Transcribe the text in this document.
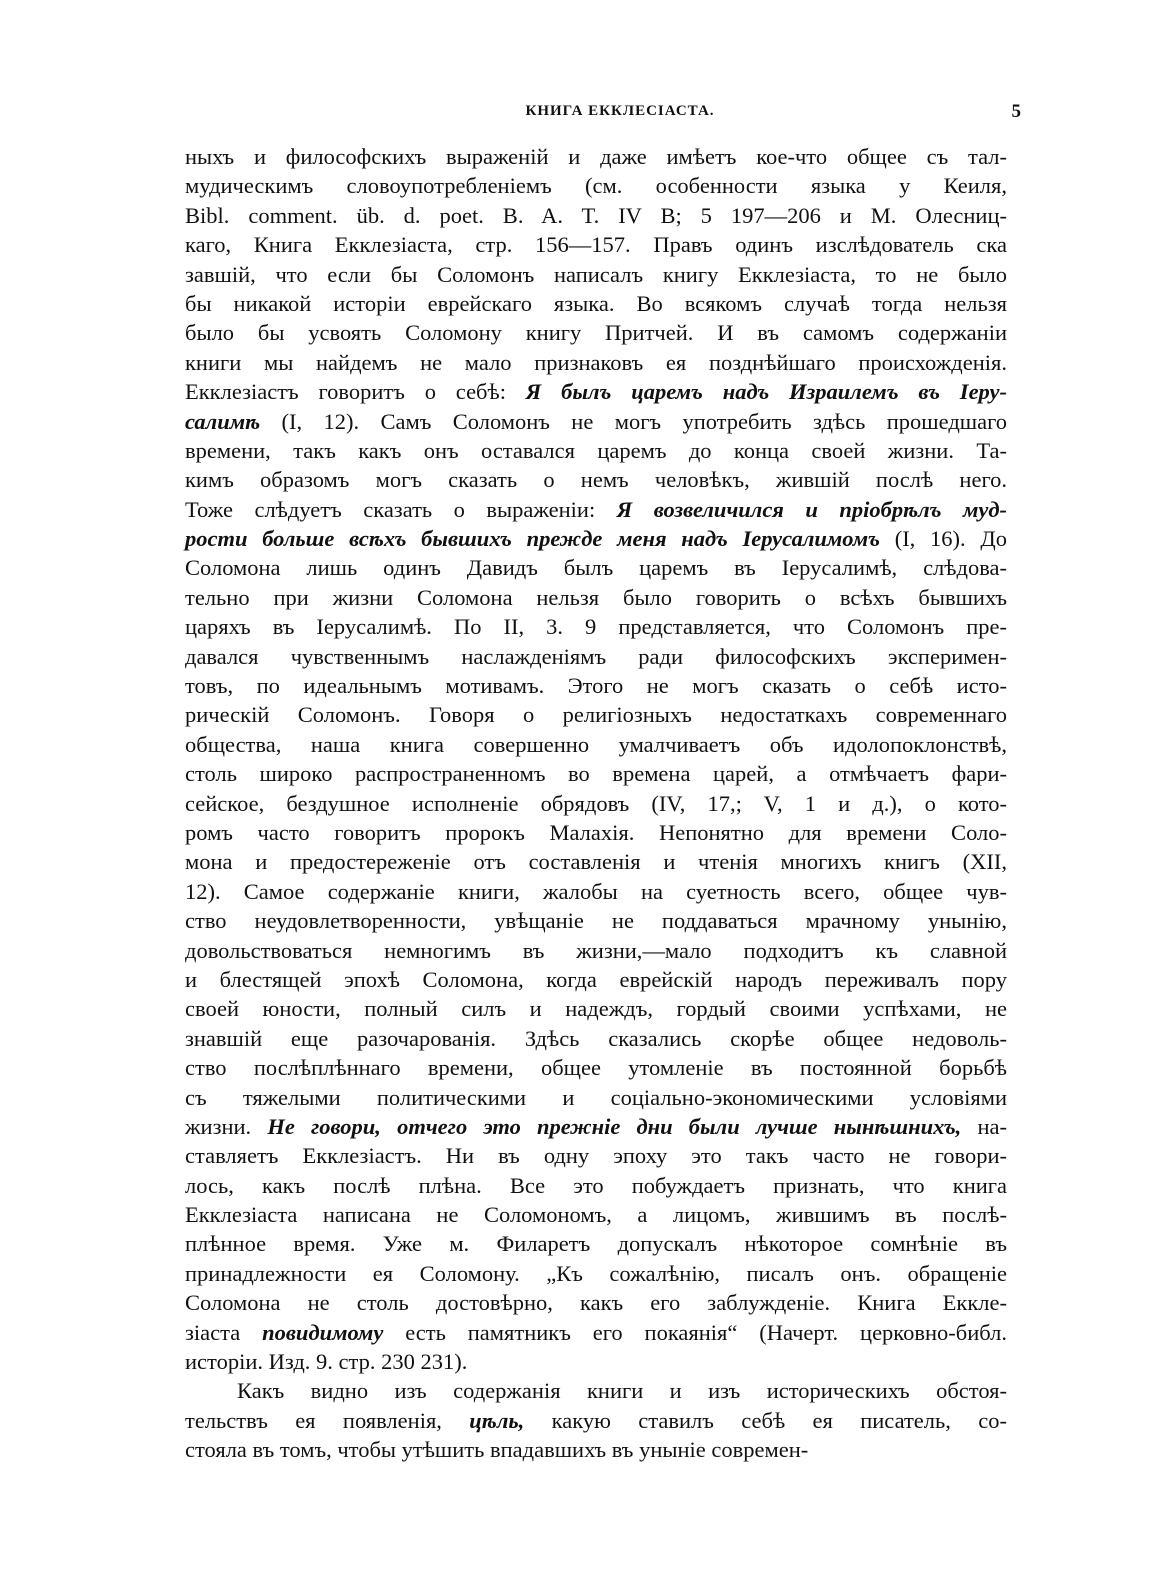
КНИГА ЕККЛЕСІАСТА.	5
ныхъ и философскихъ выраженій и даже имѣетъ кое-что общее съ тал-
мудическимъ словоупотребленіемъ (см. особенности языка у Кеиля,
Bibl. comment. üb. d. poet. B. A. T. IV B; 5 197—206 и М. Олесниц-
каго, Книга Екклезіаста, стр. 156—157. Правъ одинъ изслѣдователь ска
завшій, что если бы Соломонъ написалъ книгу Екклезіаста, то не было
бы никакой исторіи еврейскаго языка. Во всякомъ случаѣ тогда нельзя
было бы усвоять Соломону книгу Притчей. И въ самомъ содержаніи
книги мы найдемъ не мало признаковъ ея позднѣйшаго происхожденія.
Екклезіастъ говоритъ о себѣ: Я былъ царемъ надъ Израилемъ въ Іеру-
салимѣ (I, 12). Самъ Соломонъ не могъ употребить здѣсь прошедшаго
времени, такъ какъ онъ оставался царемъ до конца своей жизни. Та-
кимъ образомъ могъ сказать о немъ человѣкъ, жившій послѣ него.
Тоже слѣдуетъ сказать о выраженіи: Я возвеличился и пріобрѣлъ муд-
рости больше всѣхъ бывшихъ прежде меня надъ Іерусалимомъ (I, 16). До
Соломона лишь одинъ Давидъ былъ царемъ въ Іерусалимѣ, слѣдова-
тельно при жизни Соломона нельзя было говорить о всѣхъ бывшихъ
царяхъ въ Іерусалимѣ. По II, 3. 9 представляется, что Соломонъ пре-
давался чувственнымъ наслажденіямъ ради философскихъ эксперимен-
товъ, по идеальнымъ мотивамъ. Этого не могъ сказать о себѣ исто-
рическій Соломонъ. Говоря о религіозныхъ недостаткахъ современнаго
общества, наша книга совершенно умалчиваетъ объ идолопоклонствѣ,
столь широко распространенномъ во времена царей, а отмѣчаетъ фари-
сейское, бездушное исполненіе обрядовъ (IV, 17,; V, 1 и д.), о кото-
ромъ часто говоритъ пророкъ Малахія. Непонятно для времени Соло-
мона и предостереженіе отъ составленія и чтенія многихъ книгъ (XII,
12). Самое содержаніе книги, жалобы на суетность всего, общее чув-
ство неудовлетворенности, увѣщаніе не поддаваться мрачному унынію,
довольствоваться немногимъ въ жизни,—мало подходитъ къ славной
и блестящей эпохѣ Соломона, когда еврейскій народъ переживалъ пору
своей юности, полный силъ и надеждъ, гордый своими успѣхами, не
знавшій еще разочарованія. Здѣсь сказались скорѣе общее недоволь-
ство послѣплѣннаго времени, общее утомленіе въ постоянной борьбѣ
съ тяжелыми политическими и соціально-экономическими условіями
жизни. Не говори, отчего это прежніе дни были лучше нынѣшнихъ, на-
ставляетъ Екклезіастъ. Ни въ одну эпоху это такъ часто не говори-
лось, какъ послѣ плѣна. Все это побуждаетъ признать, что книга
Екклезіаста написана не Соломономъ, а лицомъ, жившимъ въ послѣ-
плѣнное время. Уже м. Филаретъ допускалъ нѣкоторое сомнѣніе въ
принадлежности ея Соломону. „Къ сожалѣнію, писалъ онъ. обращеніе
Соломона не столь достовѣрно, какъ его заблужденіе. Книга Еккле-
зіаста повидимому есть памятникъ его покаянія“ (Начерт. церковно-библ.
исторіи. Изд. 9. стр. 230 231).
Какъ видно изъ содержанія книги и изъ историческихъ обстоя-
тельствъ ея появленія, цѣль, какую ставилъ себѣ ея писатель, со-
стояла въ томъ, чтобы утѣшить впадавшихъ въ уныніе современ-
